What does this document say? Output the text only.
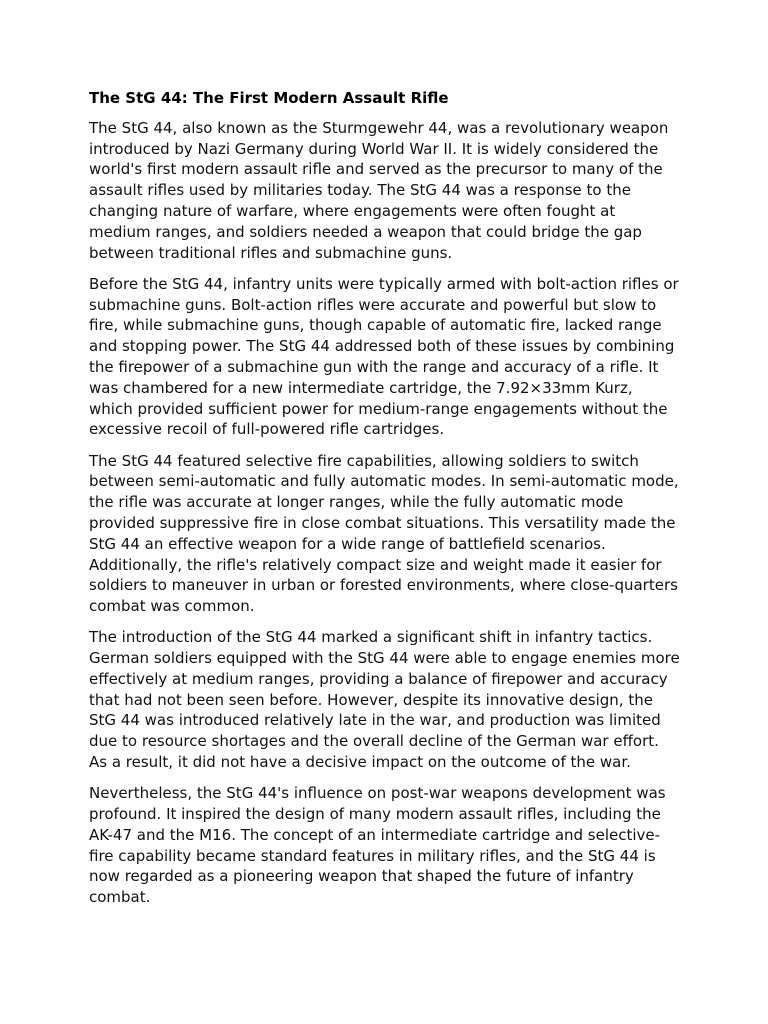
The StG 44: The First Modern Assault Rifle

The StG 44, also known as the Sturmgewehr 44, was a revolutionary weapon introduced by Nazi Germany during World War II. It is widely considered the world's first modern assault rifle and served as the precursor to many of the assault rifles used by militaries today. The StG 44 was a response to the changing nature of warfare, where engagements were often fought at medium ranges, and soldiers needed a weapon that could bridge the gap between traditional rifles and submachine guns.

Before the StG 44, infantry units were typically armed with bolt-action rifles or submachine guns. Bolt-action rifles were accurate and powerful but slow to fire, while submachine guns, though capable of automatic fire, lacked range and stopping power. The StG 44 addressed both of these issues by combining the firepower of a submachine gun with the range and accuracy of a rifle. It was chambered for a new intermediate cartridge, the 7.92×33mm Kurz, which provided sufficient power for medium-range engagements without the excessive recoil of full-powered rifle cartridges.

The StG 44 featured selective fire capabilities, allowing soldiers to switch between semi-automatic and fully automatic modes. In semi-automatic mode, the rifle was accurate at longer ranges, while the fully automatic mode provided suppressive fire in close combat situations. This versatility made the StG 44 an effective weapon for a wide range of battlefield scenarios. Additionally, the rifle's relatively compact size and weight made it easier for soldiers to maneuver in urban or forested environments, where close-quarters combat was common.

The introduction of the StG 44 marked a significant shift in infantry tactics. German soldiers equipped with the StG 44 were able to engage enemies more effectively at medium ranges, providing a balance of firepower and accuracy that had not been seen before. However, despite its innovative design, the StG 44 was introduced relatively late in the war, and production was limited due to resource shortages and the overall decline of the German war effort. As a result, it did not have a decisive impact on the outcome of the war.

Nevertheless, the StG 44's influence on post-war weapons development was profound. It inspired the design of many modern assault rifles, including the AK-47 and the M16. The concept of an intermediate cartridge and selective-fire capability became standard features in military rifles, and the StG 44 is now regarded as a pioneering weapon that shaped the future of infantry combat.
